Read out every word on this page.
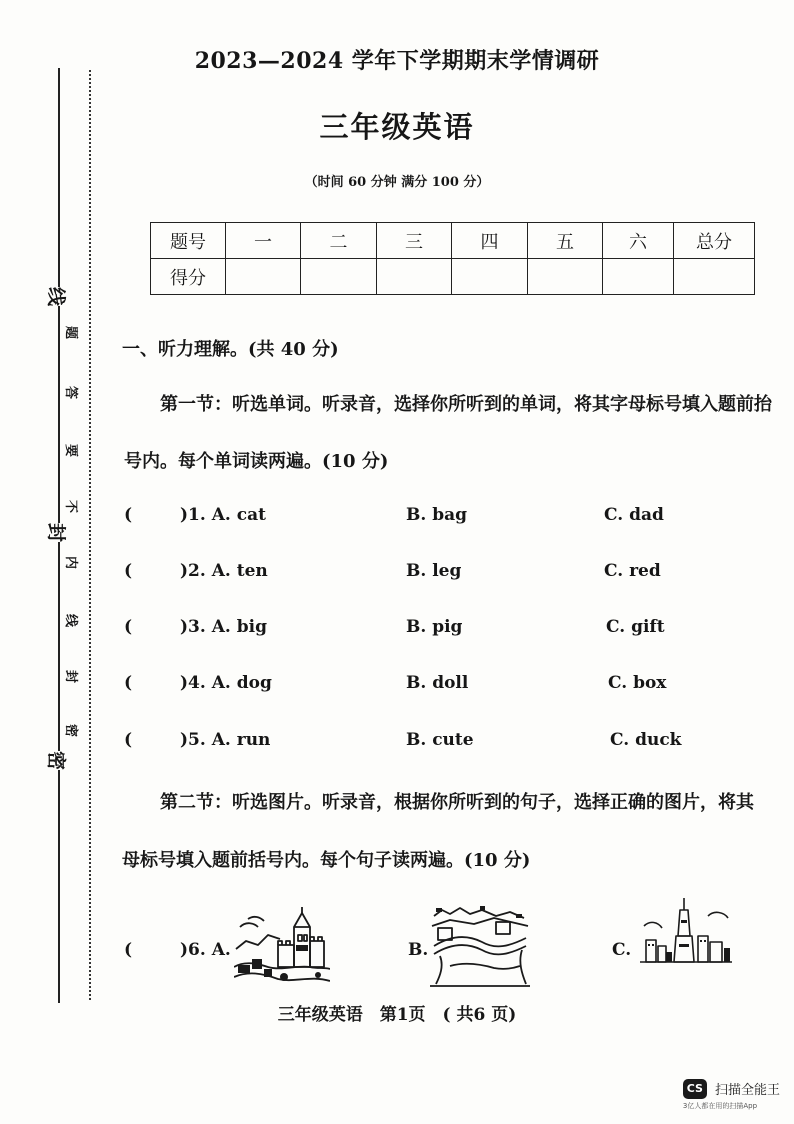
线
题
答
要
不
封
内
线
封
密
密
2023—2024 学年下学期期末学情调研
三年级英语
（时间 60 分钟 满分 100 分）
题号	一	二	三	四	五	六	总分
得分							
一、听力理解。(共 40 分)
第一节：听选单词。听录音，选择你所听到的单词，将其字母标号填入题前抬
号内。每个单词读两遍。(10 分)
(	)1. A. cat	B. bag	C. dad
(	)2. A. ten	B. leg	C. red
(	)3. A. big	B. pig	C. gift
(	)4. A. dog	B. doll	C. box
(	)5. A. run	B. cute	C. duck
第二节：听选图片。听录音，根据你所听到的句子，选择正确的图片，将其
母标号填入题前括号内。每个句子读两遍。(10 分)
(	)6. A.	B.	C.
三年级英语　第1页　( 共6 页)
CS 扫描全能王
3亿人都在用的扫描App
